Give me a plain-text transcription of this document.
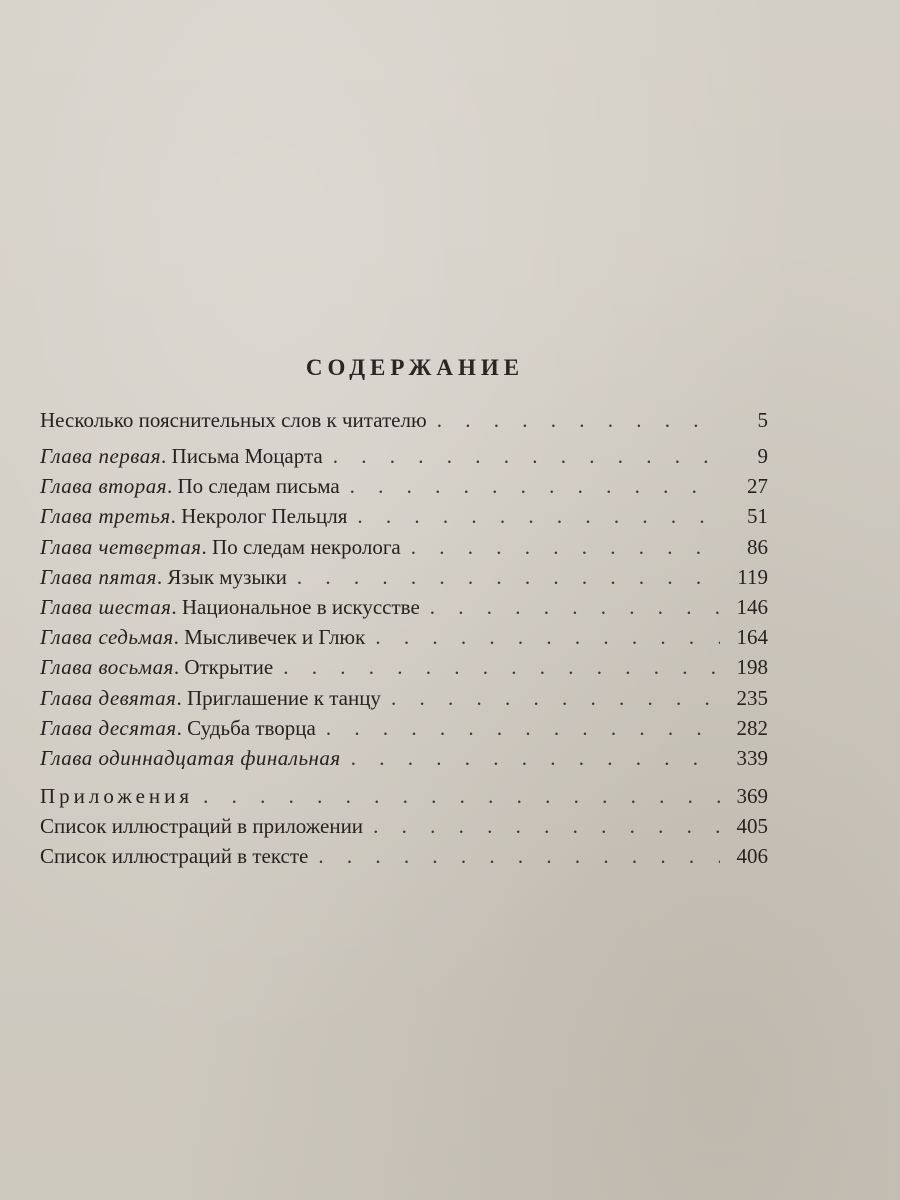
СОДЕРЖАНИЕ
Несколько пояснительных слов к читателю . . .	5
Глава первая. Письма Моцарта . . .	9
Глава вторая. По следам письма . . .	27
Глава третья. Некролог Пельцля . . .	51
Глава четвертая. По следам некролога . . .	86
Глава пятая. Язык музыки . . .	119
Глава шестая. Национальное в искусстве . . .	146
Глава седьмая. Мысливечек и Глюк . . .	164
Глава восьмая. Открытие . . .	198
Глава девятая. Приглашение к танцу . . .	235
Глава десятая. Судьба творца . . .	282
Глава одиннадцатая финальная . . .	339
Приложения . . .	369
Список иллюстраций в приложении . . .	405
Список иллюстраций в тексте . . .	406
